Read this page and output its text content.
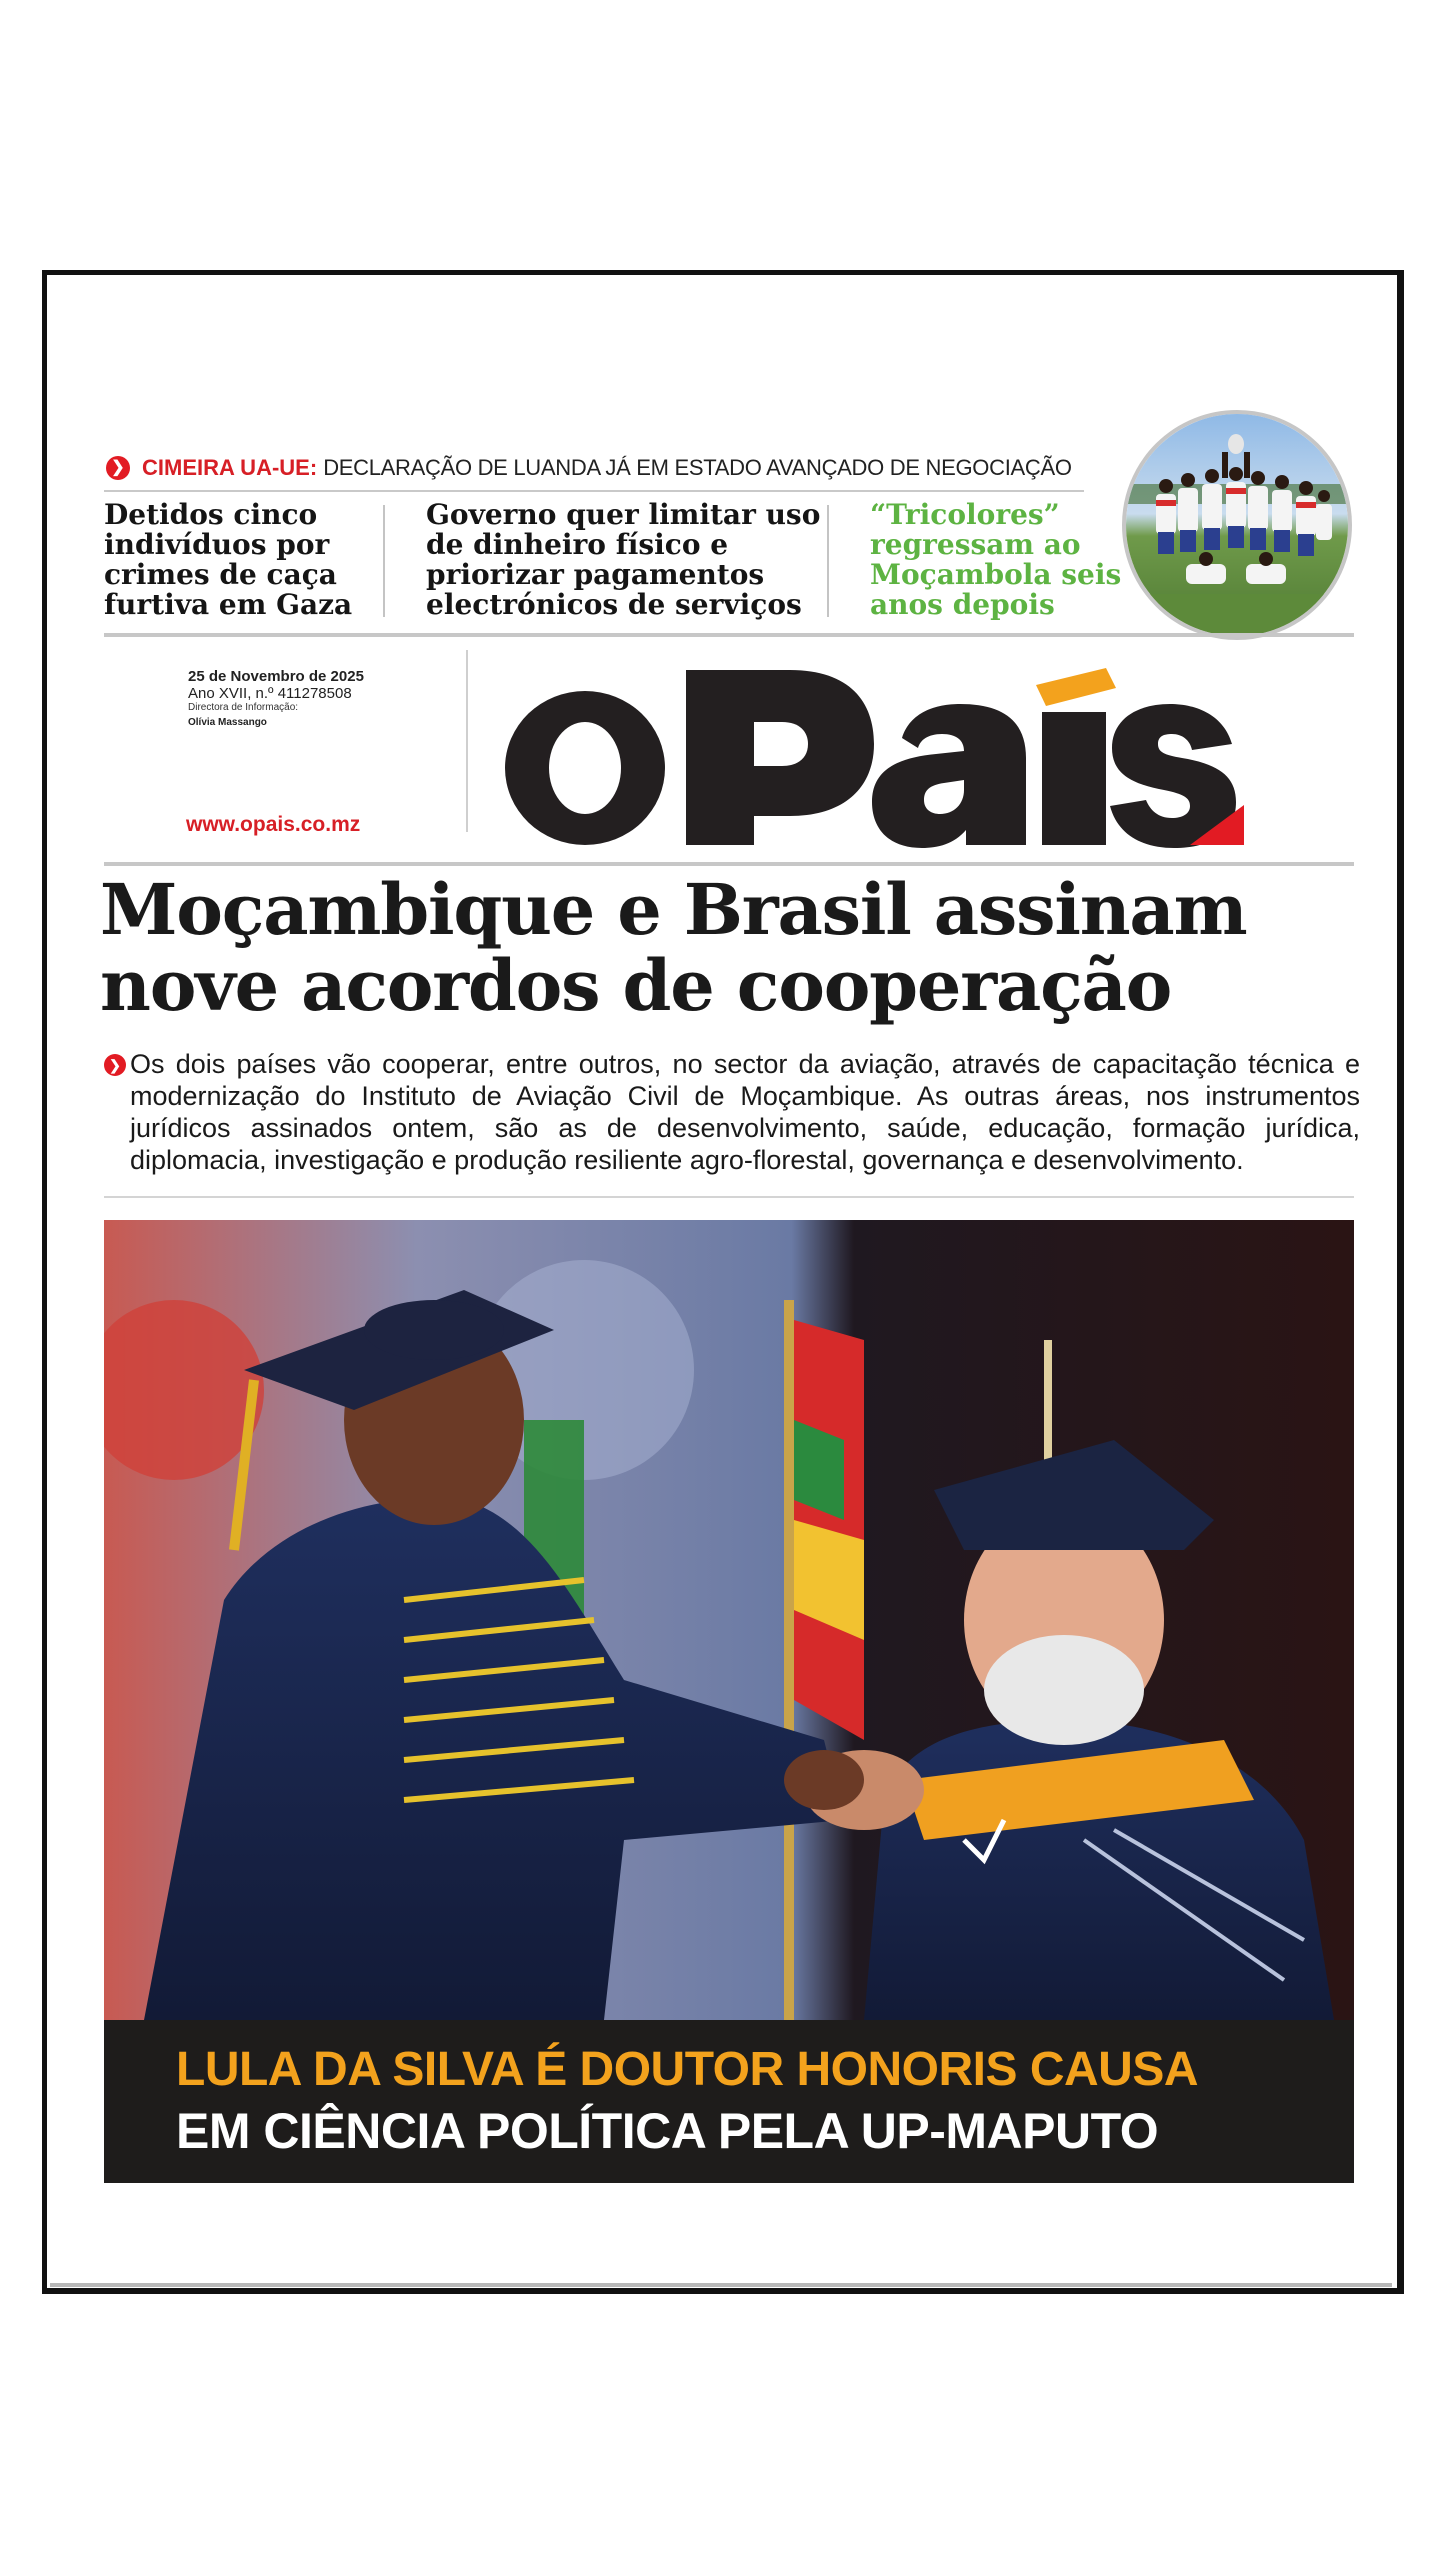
❯ CIMEIRA UA-UE: DECLARAÇÃO DE LUANDA JÁ EM ESTADO AVANÇADO DE NEGOCIAÇÃO
Detidos cinco indivíduos por crimes de caça furtiva em Gaza
Governo quer limitar uso de dinheiro físico e priorizar pagamentos electrónicos de serviços
“Tricolores” regressam ao Moçambola seis anos depois
25 de Novembro de 2025
Ano XVII, n.º 411278508
Directora de Informação:
Olívia Massango
www.opais.co.mz
Moçambique e Brasil assinam
nove acordos de cooperação
❯ Os dois países vão cooperar, entre outros, no sector da aviação, através de capacitação técnica e modernização do Instituto de Aviação Civil de Moçambique. As outras áreas, nos instrumentos jurídicos assinados ontem, são as de desenvolvimento, saúde, educação, formação jurídica, diplomacia, investigação e produção resiliente agro-florestal, governança e desenvolvimento.
LULA DA SILVA É DOUTOR HONORIS CAUSA
EM CIÊNCIA POLÍTICA PELA UP-MAPUTO
